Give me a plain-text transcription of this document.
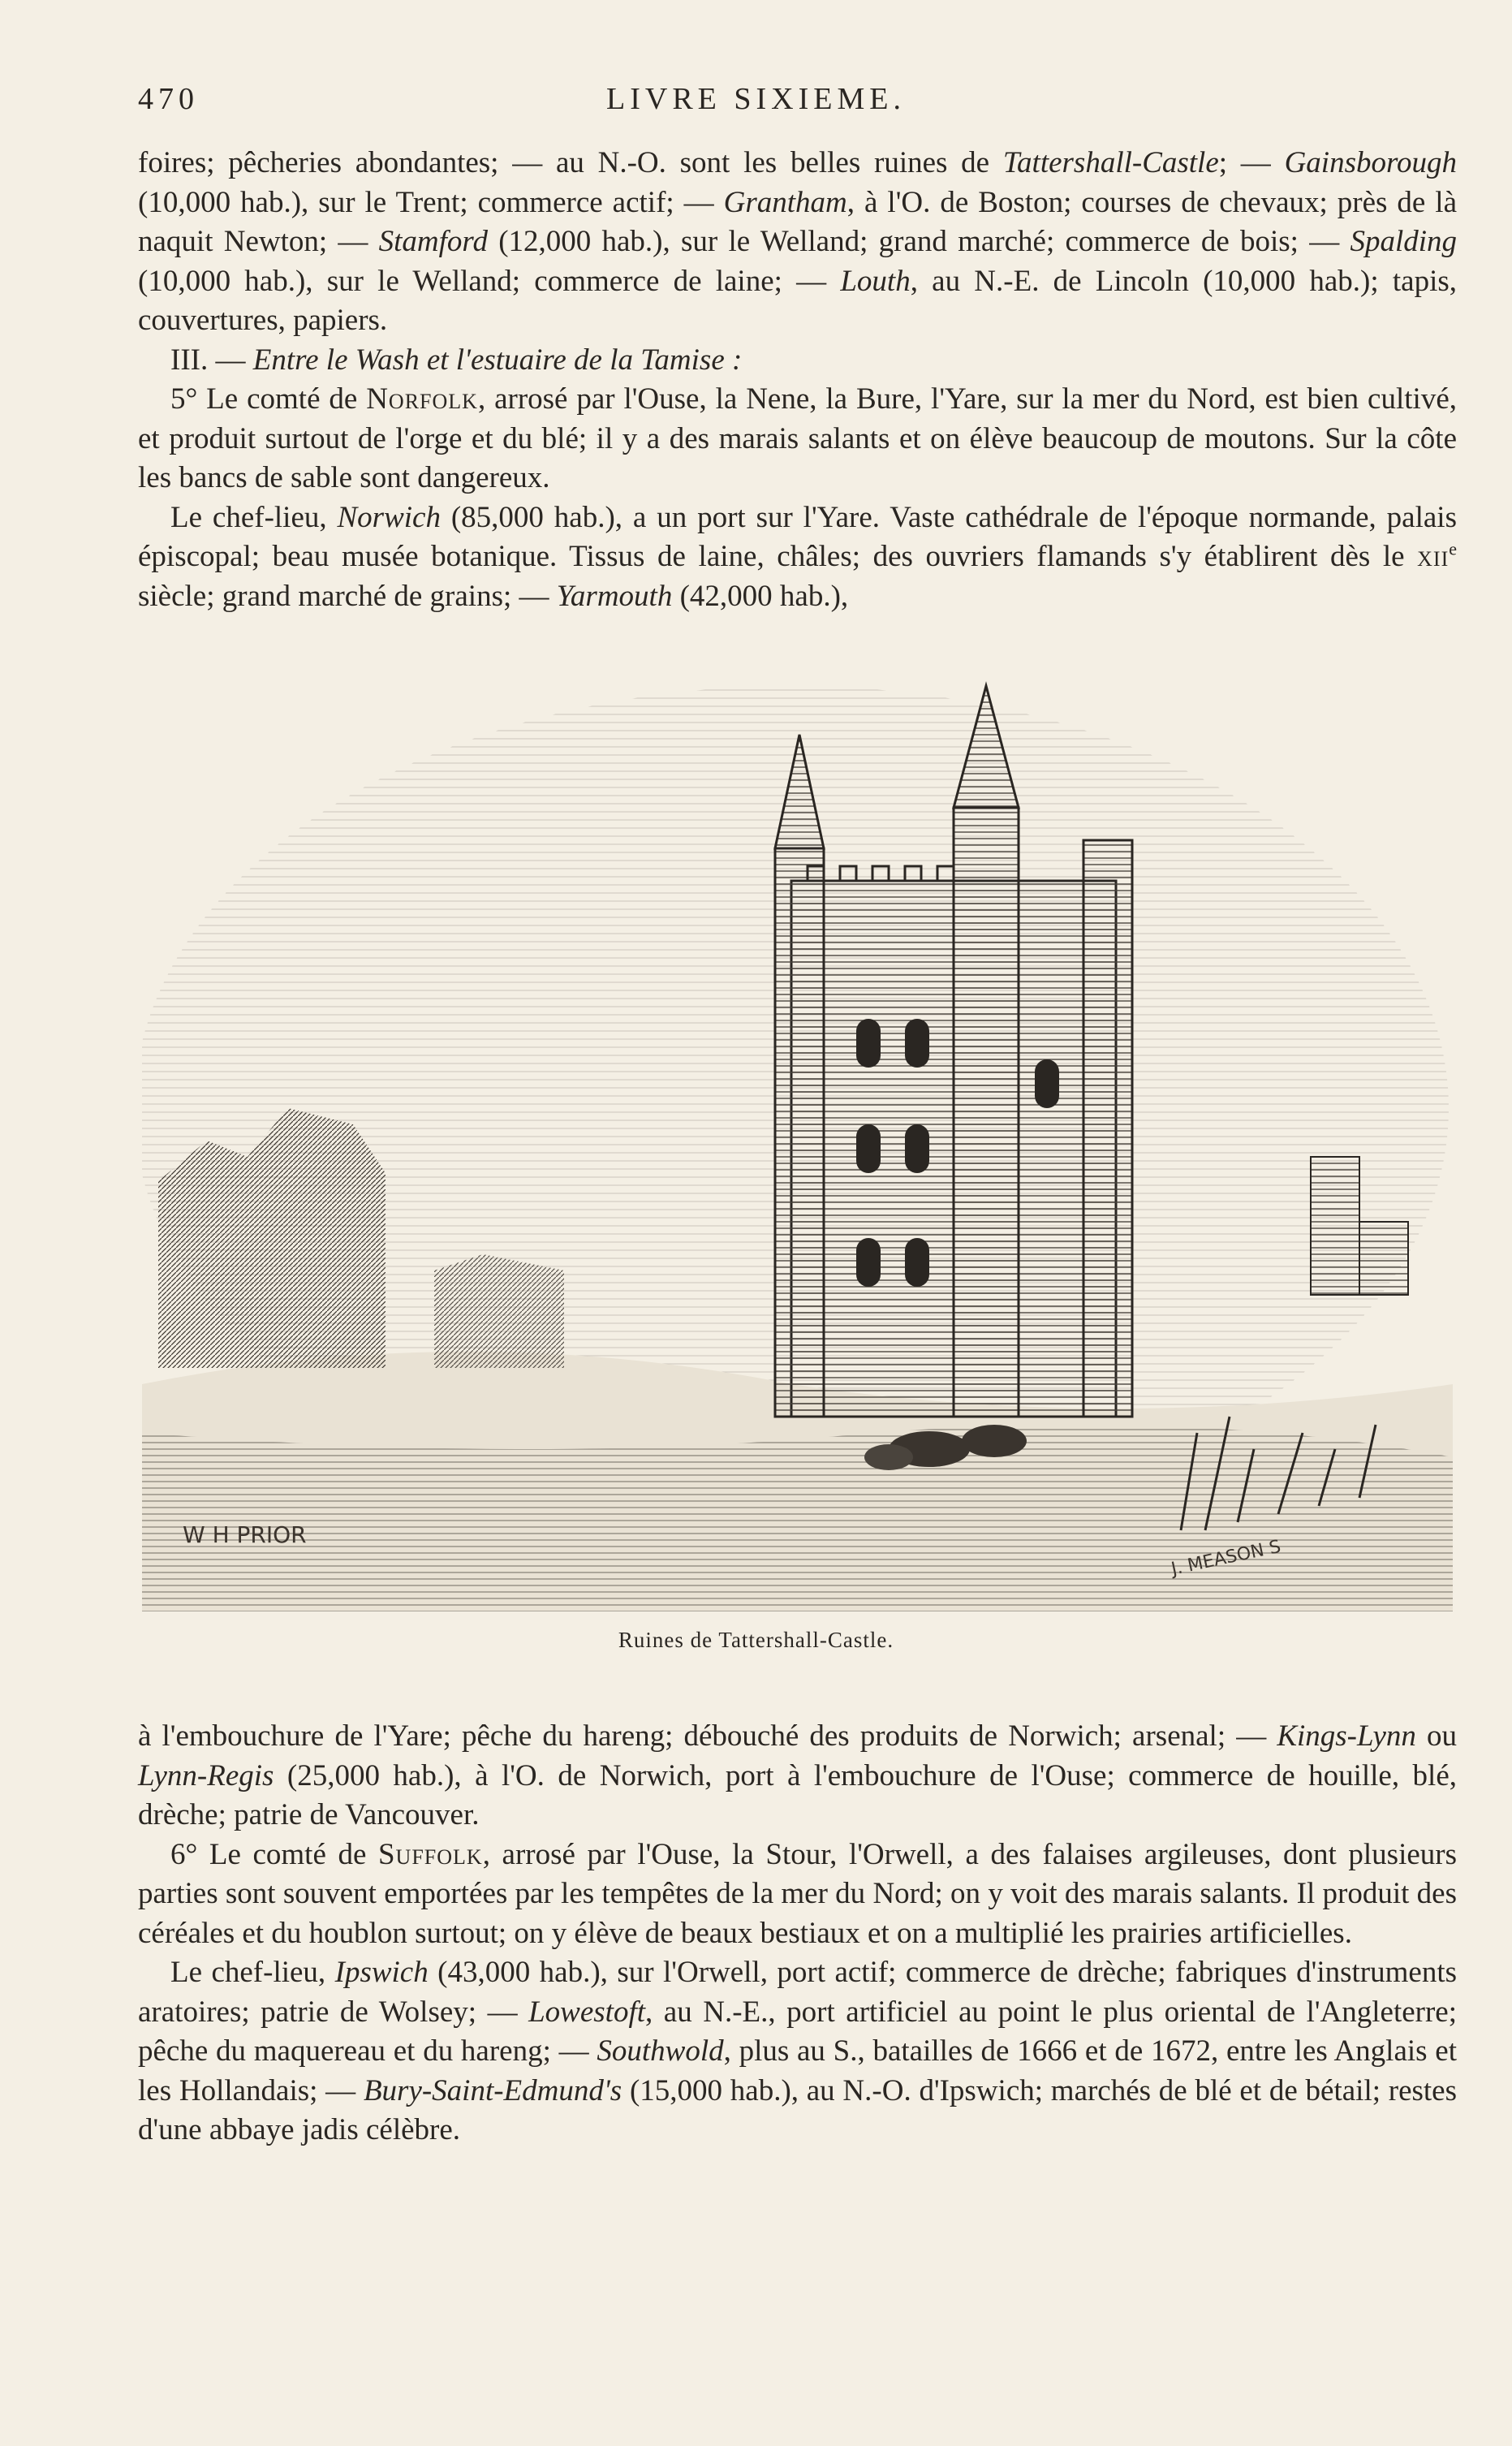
470	LIVRE SIXIEME.

foires; pêcheries abondantes; — au N.-O. sont les belles ruines de Tattershall-Castle; — Gainsborough (10,000 hab.), sur le Trent; commerce actif; — Grantham, à l'O. de Boston; courses de chevaux; près de là naquit Newton; — Stamford (12,000 hab.), sur le Welland; grand marché; commerce de bois; — Spalding (10,000 hab.), sur le Welland; commerce de laine; — Louth, au N.-E. de Lincoln (10,000 hab.); tapis, couvertures, papiers.

III. — Entre le Wash et l'estuaire de la Tamise :

5° Le comté de Norfolk, arrosé par l'Ouse, la Nene, la Bure, l'Yare, sur la mer du Nord, est bien cultivé, et produit surtout de l'orge et du blé; il y a des marais salants et on élève beaucoup de moutons. Sur la côte les bancs de sable sont dangereux.

Le chef-lieu, Norwich (85,000 hab.), a un port sur l'Yare. Vaste cathédrale de l'époque normande, palais épiscopal; beau musée botanique. Tissus de laine, châles; des ouvriers flamands s'y établirent dès le xii$^e$ siècle; grand marché de grains; — Yarmouth (42,000 hab.),

W H PRIOR
J. MEASON S
Ruines de Tattershall-Castle.

à l'embouchure de l'Yare; pêche du hareng; débouché des produits de Norwich; arsenal; — Kings-Lynn ou Lynn-Regis (25,000 hab.), à l'O. de Norwich, port à l'embouchure de l'Ouse; commerce de houille, blé, drèche; patrie de Vancouver.

6° Le comté de Suffolk, arrosé par l'Ouse, la Stour, l'Orwell, a des falaises argileuses, dont plusieurs parties sont souvent emportées par les tempêtes de la mer du Nord; on y voit des marais salants. Il produit des céréales et du houblon surtout; on y élève de beaux bestiaux et on a multiplié les prairies artificielles.

Le chef-lieu, Ipswich (43,000 hab.), sur l'Orwell, port actif; commerce de drèche; fabriques d'instruments aratoires; patrie de Wolsey; — Lowestoft, au N.-E., port artificiel au point le plus oriental de l'Angleterre; pêche du maquereau et du hareng; — Southwold, plus au S., batailles de 1666 et de 1672, entre les Anglais et les Hollandais; — Bury-Saint-Edmund's (15,000 hab.), au N.-O. d'Ipswich; marchés de blé et de bétail; restes d'une abbaye jadis célèbre.
